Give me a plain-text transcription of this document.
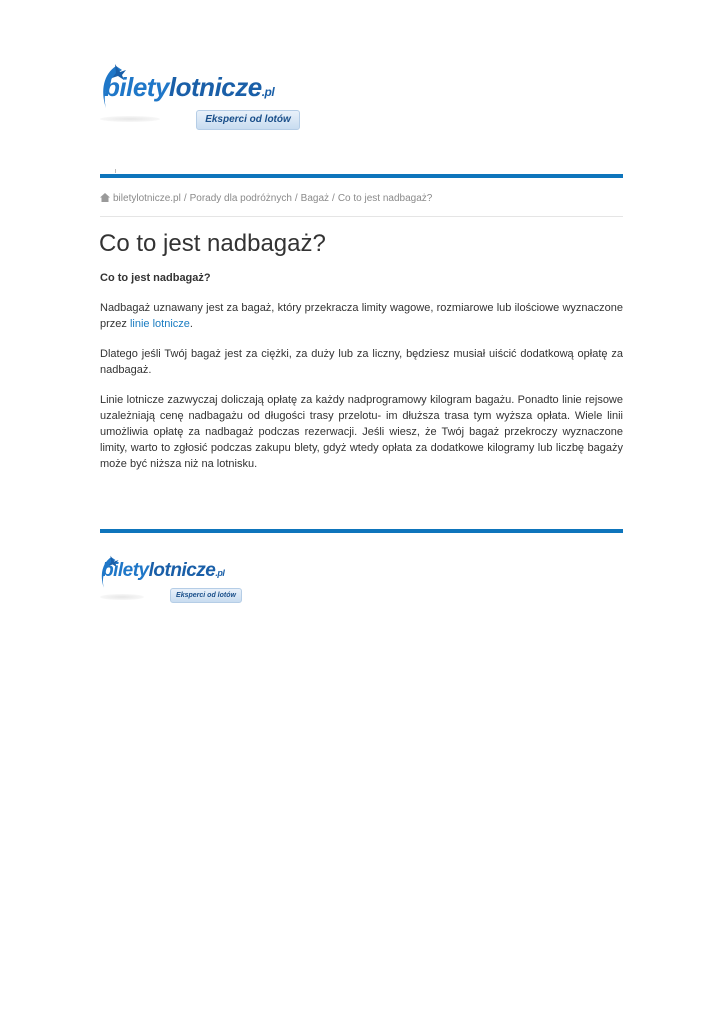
biletylotnicze.pl
Eksperci od lotów
biletylotnicze.pl / Porady dla podróżnych / Bagaż / Co to jest nadbagaż?
Co to jest nadbagaż?
Co to jest nadbagaż?

Nadbagaż uznawany jest za bagaż, który przekracza limity wagowe, rozmiarowe lub ilościowe wyznaczone przez linie lotnicze.

Dlatego jeśli Twój bagaż jest za ciężki, za duży lub za liczny, będziesz musiał uiścić dodatkową opłatę za nadbagaż.

Linie lotnicze zazwyczaj doliczają opłatę za każdy nadprogramowy kilogram bagażu. Ponadto linie rejsowe uzależniają cenę nadbagażu od długości trasy przelotu- im dłuższa trasa tym wyższa opłata. Wiele linii umożliwia opłatę za nadbagaż podczas rezerwacji. Jeśli wiesz, że Twój bagaż przekroczy wyznaczone limity, warto to zgłosić podczas zakupu blety, gdyż wtedy opłata za dodatkowe kilogramy lub liczbę bagaży może być niższa niż na lotnisku.

biletylotnicze.pl
Eksperci od lotów
